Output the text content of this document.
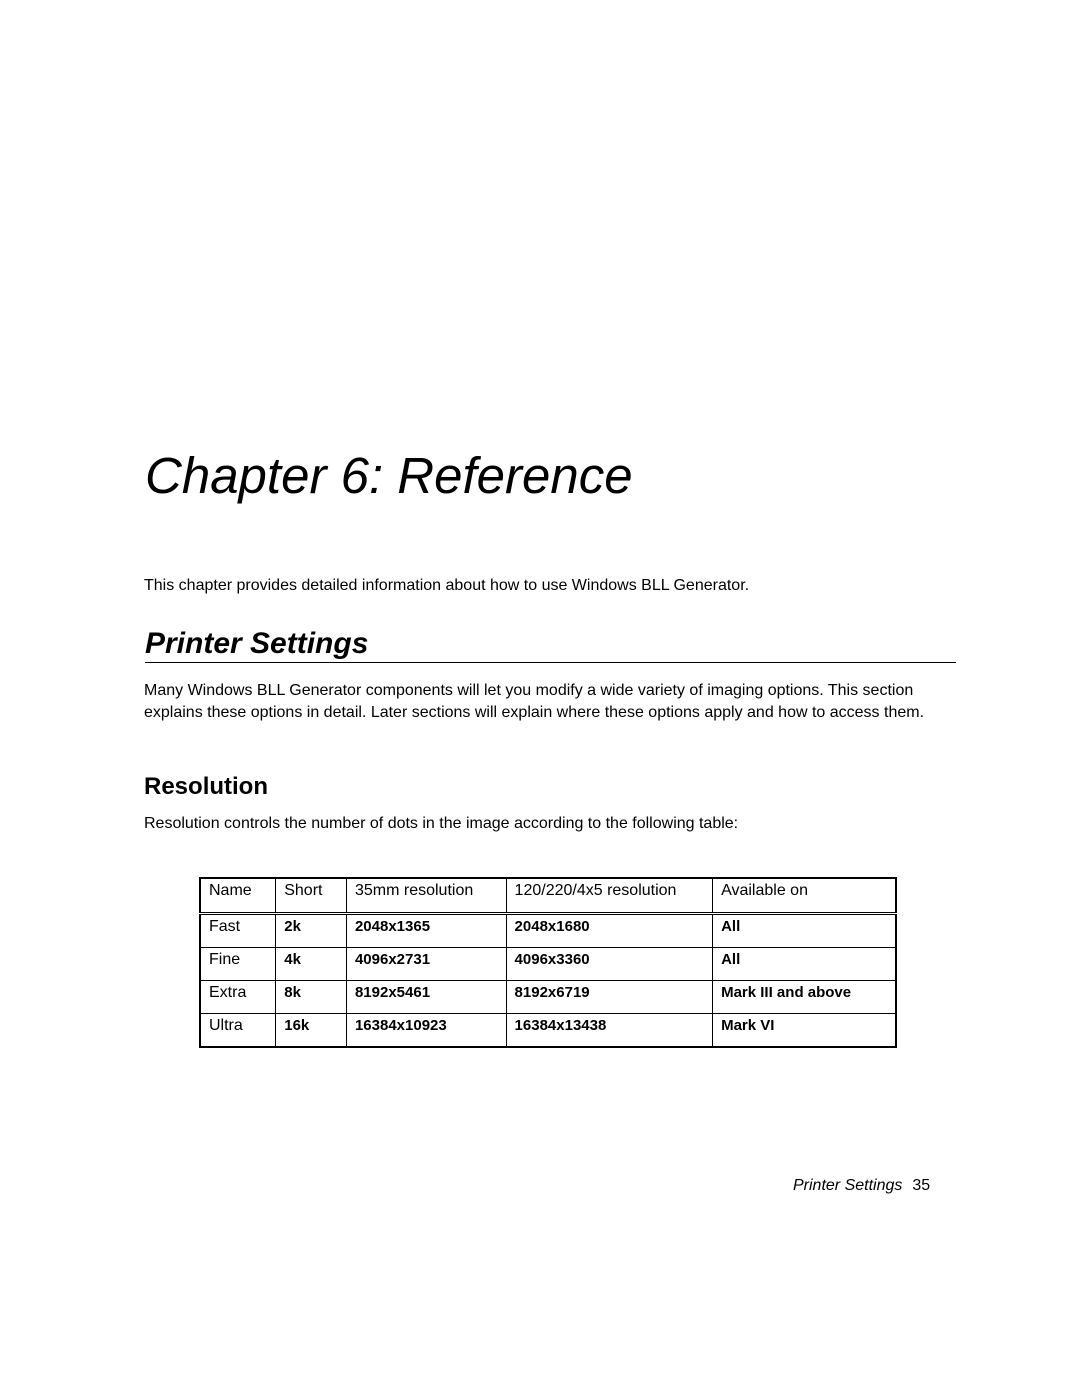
Chapter 6: Reference

This chapter provides detailed information about how to use Windows BLL Generator.

Printer Settings

Many Windows BLL Generator components will let you modify a wide variety of imaging options. This section explains these options in detail. Later sections will explain where these options apply and how to access them.

Resolution

Resolution controls the number of dots in the image according to the following table:

Name	Short	35mm resolution	120/220/4x5 resolution	Available on
Fast	2k	2048x1365	2048x1680	All
Fine	4k	4096x2731	4096x3360	All
Extra	8k	8192x5461	8192x6719	Mark III and above
Ultra	16k	16384x10923	16384x13438	Mark VI

Printer Settings 35
